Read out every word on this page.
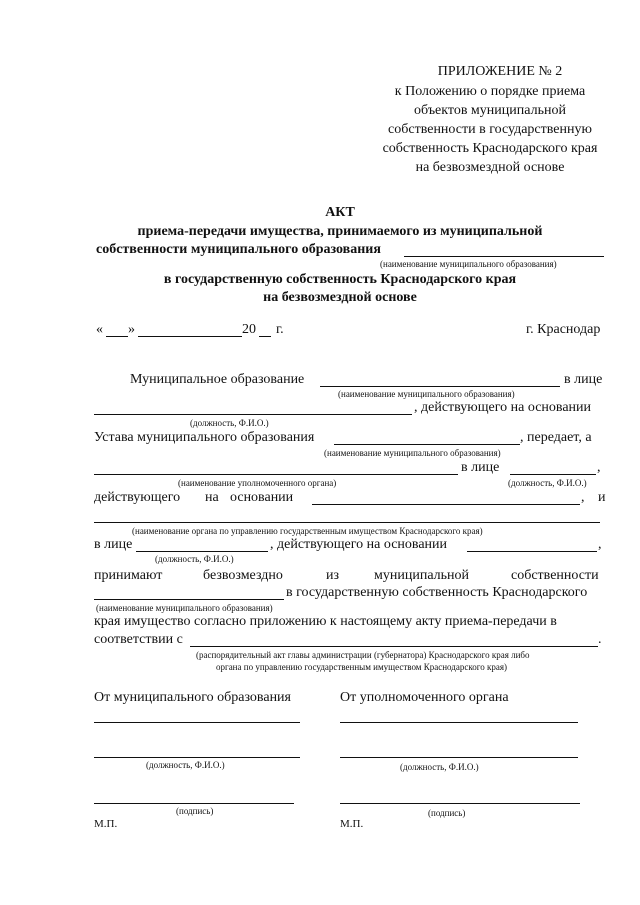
ПРИЛОЖЕНИЕ № 2
к Положению о порядке приема
объектов муниципальной
собственности в государственную
собственность Краснодарского края
на безвозмездной основе
АКТ
приема-передачи имущества, принимаемого из муниципальной
собственности муниципального образования
(наименование муниципального образования)
в государственную собственность Краснодарского края
на безвозмездной основе
« »	20 г.	г. Краснодар
Муниципальное образование	в лице
(наименование муниципального образования)
, действующего на основании
(должность, Ф.И.О.)
Устава муниципального образования	, передает, а
(наименование муниципального образования)
в лице	,
(наименование уполномоченного органа)	(должность, Ф.И.О.)
действующего на основании	, и
(наименование органа по управлению государственным имуществом Краснодарского края)
в лице	, действующего на основании	,
(должность, Ф.И.О.)
принимают	безвозмездно	из муниципальной	собственности
в государственную собственность Краснодарского
(наименование муниципального образования)
края имущество согласно приложению к настоящему акту приема-передачи в
соответствии с	.
(распорядительный акт главы администрации (губернатора) Краснодарского края либо
органа по управлению государственным имуществом Краснодарского края)
От муниципального образования	От уполномоченного органа
(должность, Ф.И.О.)	(должность, Ф.И.О.)
(подпись)	(подпись)
М.П.	М.П.
